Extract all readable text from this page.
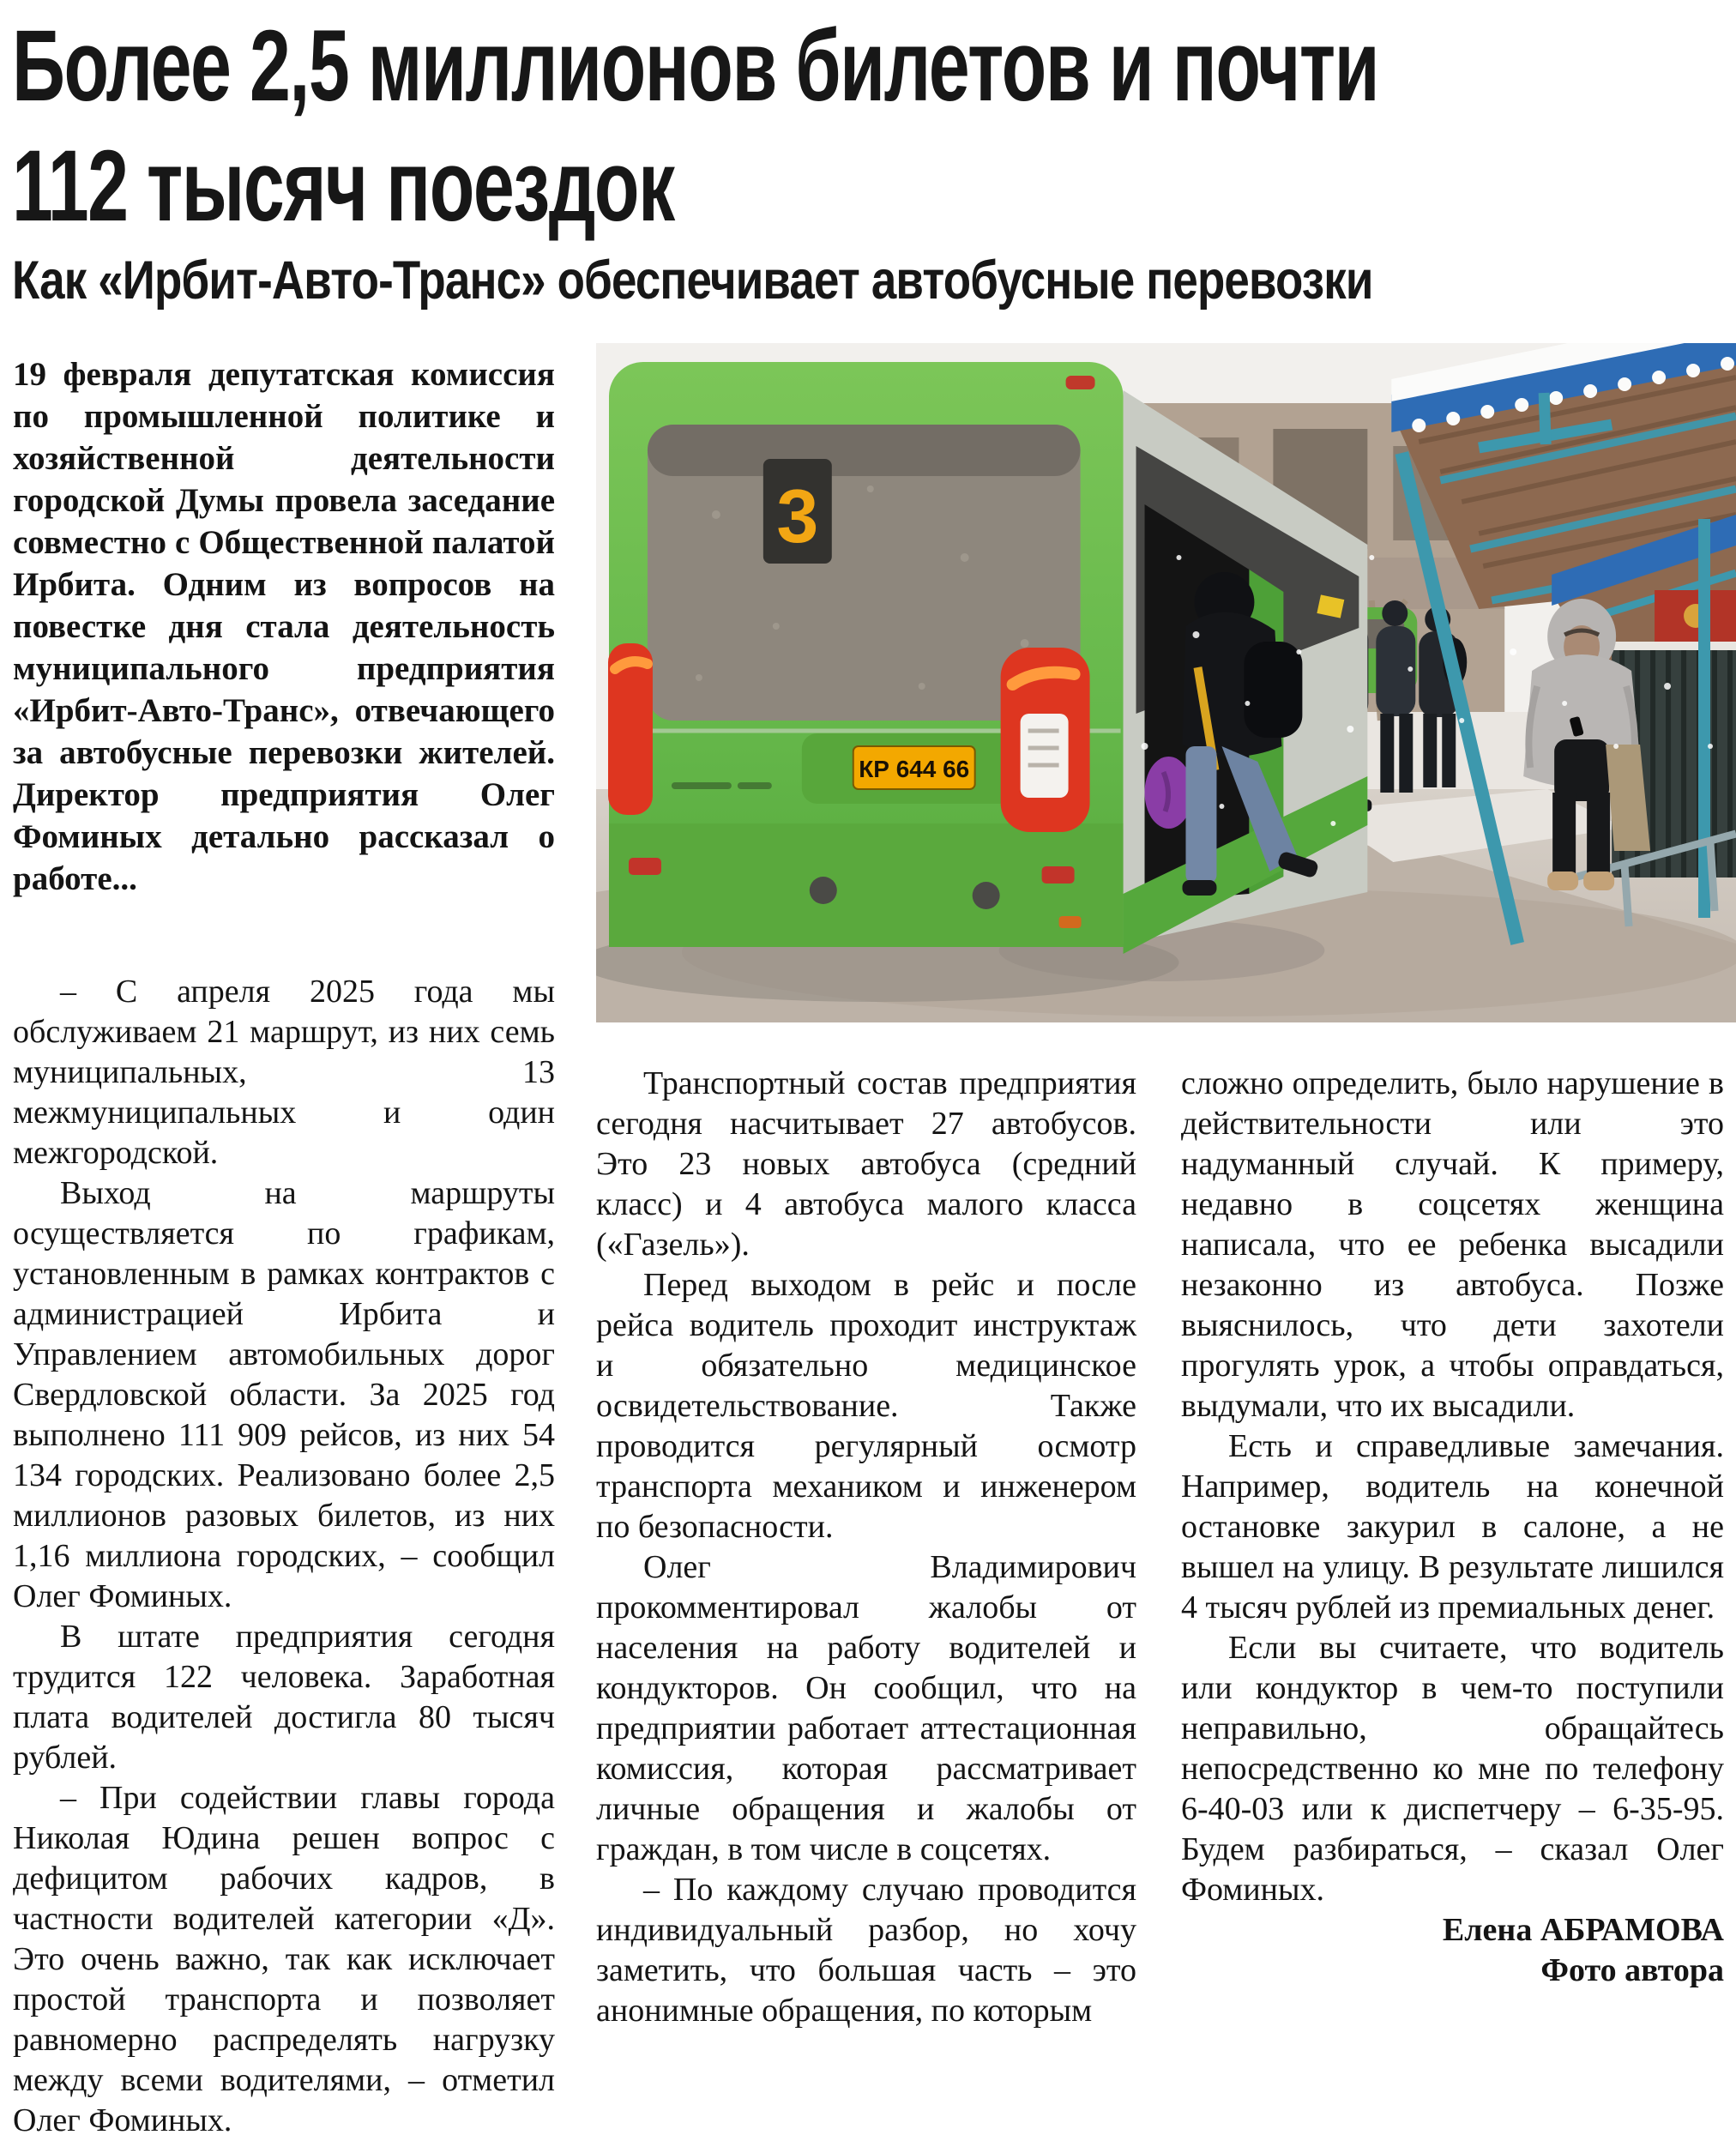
Более 2,5 миллионов билетов и почти
112 тысяч поездок
Как «Ирбит-Авто-Транс» обеспечивает автобусные перевозки
3
КР 644 66

19 февраля депутатская комиссия по промышленной политике и хозяйственной деятельности городской Думы провела заседание совместно с Общественной палатой Ирбита. Одним из вопросов на повестке дня стала деятельность муниципального предприятия «Ирбит-Авто-Транс», отвечающего за автобусные перевозки жителей. Директор предприятия Олег Фоминых детально рассказал о работе...

– С апреля 2025 года мы обслуживаем 21 маршрут, из них семь муниципальных, 13 межмуниципальных и один межгородской.

Выход на маршруты осуществляется по графикам, установленным в рамках контрактов с администрацией Ирбита и Управлением автомобильных дорог Свердловской области. За 2025 год выполнено 111 909 рейсов, из них 54 134 городских. Реализовано более 2,5 миллионов разовых билетов, из них 1,16 миллиона городских, – сообщил Олег Фоминых.

В штате предприятия сегодня трудится 122 человека. Заработная плата водителей достигла 80 тысяч рублей.

– При содействии главы города Николая Юдина решен вопрос с дефицитом рабочих кадров, в частности водителей категории «Д». Это очень важно, так как исключает простой транспорта и позволяет равномерно распределять нагрузку между всеми водителями, – отметил Олег Фоминых.

Транспортный состав предприятия сегодня насчитывает 27 автобусов. Это 23 новых автобуса (средний класс) и 4 автобуса малого класса («Газель»).

Перед выходом в рейс и после рейса водитель проходит инструктаж и обязательно медицинское освидетельствование. Также проводится регулярный осмотр транспорта механиком и инженером по безопасности.

Олег Владимирович прокомментировал жалобы от населения на работу водителей и кондукторов. Он сообщил, что на предприятии работает аттестационная комиссия, которая рассматривает личные обращения и жалобы от граждан, в том числе в соцсетях.

– По каждому случаю проводится индивидуальный разбор, но хочу заметить, что большая часть – это анонимные обращения, по которым

сложно определить, было нарушение в действительности или это надуманный случай. К примеру, недавно в соцсетях женщина написала, что ее ребенка высадили незаконно из автобуса. Позже выяснилось, что дети захотели прогулять урок, а чтобы оправдаться, выдумали, что их высадили.

Есть и справедливые замечания. Например, водитель на конечной остановке закурил в салоне, а не вышел на улицу. В результате лишился 4 тысяч рублей из премиальных денег.

Если вы считаете, что водитель или кондуктор в чем-то поступили неправильно, обращайтесь непосредственно ко мне по телефону 6-40-03 или к диспетчеру – 6-35-95. Будем разбираться, – сказал Олег Фоминых.

Елена АБРАМОВА

Фото автора
